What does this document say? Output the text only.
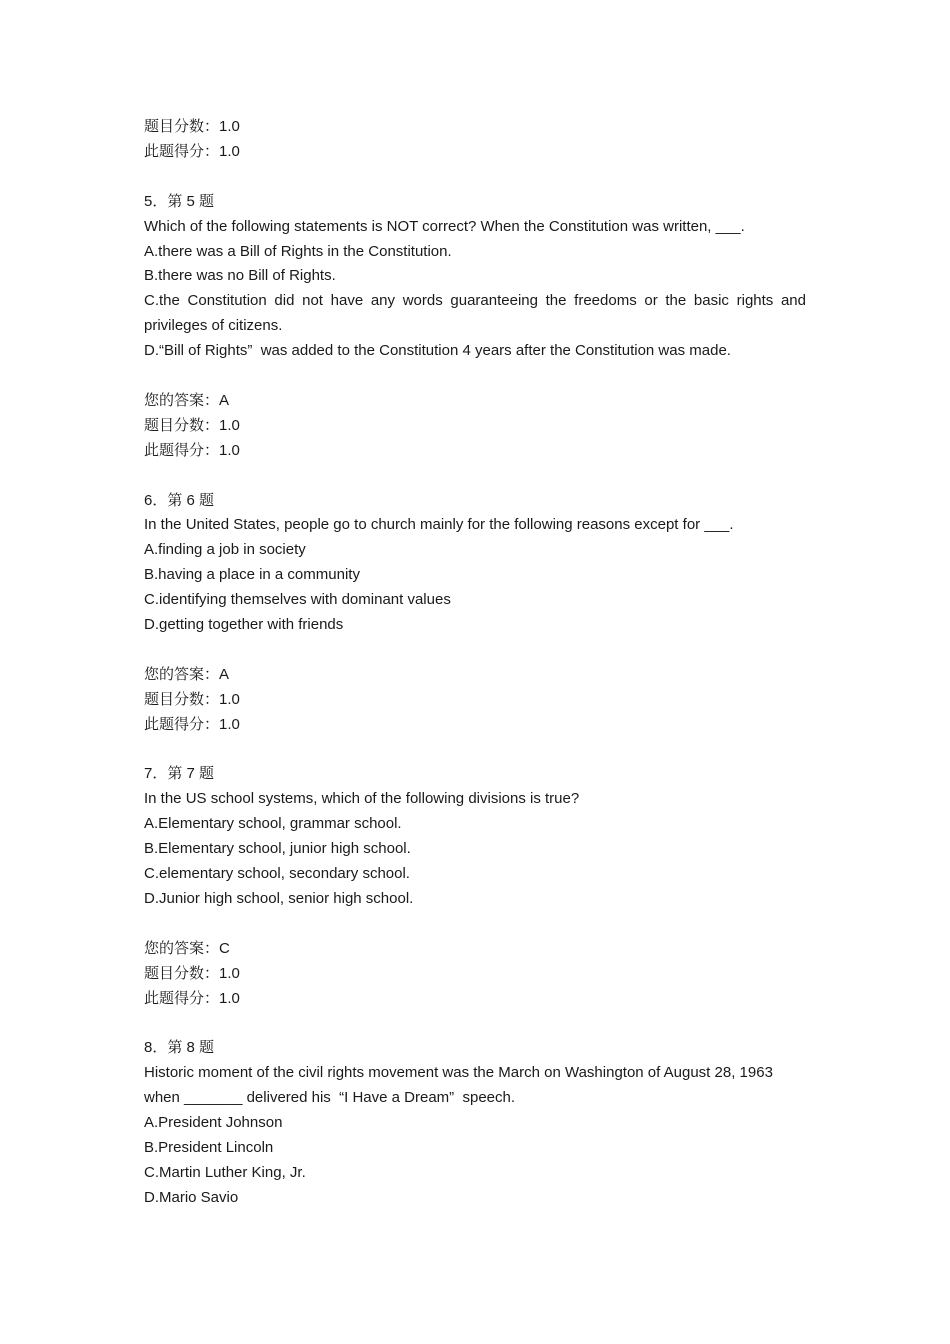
题目分数：1.0
此题得分：1.0
5．第 5 题
Which of the following statements is NOT correct? When the Constitution was written, ___.
A.there was a Bill of Rights in the Constitution.
B.there was no Bill of Rights.
C.the Constitution did not have any words guaranteeing the freedoms or the basic rights and privileges of citizens.
D.“Bill of Rights”  was added to the Constitution 4 years after the Constitution was made.
您的答案：A
题目分数：1.0
此题得分：1.0
6．第 6 题
In the United States, people go to church mainly for the following reasons except for ___.
A.finding a job in society
B.having a place in a community
C.identifying themselves with dominant values
D.getting together with friends
您的答案：A
题目分数：1.0
此题得分：1.0
7．第 7 题
In the US school systems, which of the following divisions is true?
A.Elementary school, grammar school.
B.Elementary school, junior high school.
C.elementary school, secondary school.
D.Junior high school, senior high school.
您的答案：C
题目分数：1.0
此题得分：1.0
8．第 8 题
Historic moment of the civil rights movement was the March on Washington of August 28, 1963 when _______ delivered his  “I Have a Dream”  speech.
A.President Johnson
B.President Lincoln
C.Martin Luther King, Jr.
D.Mario Savio
